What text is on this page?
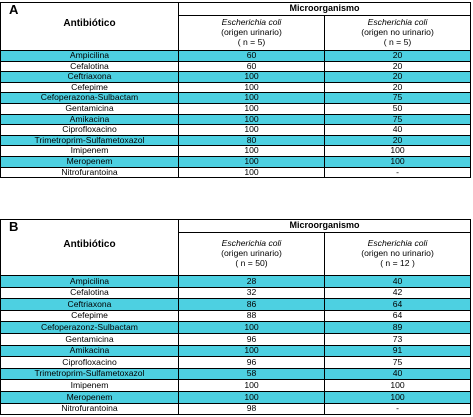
A
Antibiótico	Microorganismo	

	Escherichia coli
(origen urinario)
( n = 5)	Escherichia coli
(origen no urinario)
( n = 5)

Ampicilina	60	20
Cefalotina	60	20
Ceftriaxona	100	20
Cefepime	100	20
Cefoperazona-Sulbactam	100	75
Gentamicina	100	50
Amikacina	100	75
Ciprofloxacino	100	40
Trimetroprim-Sulfametoxazol	80	20
Imipenem	100	100
Meropenem	100	100
Nitrofurantoina	100	-
B
Antibiótico	Microorganismo	

	Escherichia coli
(origen urinario)
( n = 50)	Escherichia coli
(origen no urinario)
( n = 12 )

Ampicilina	28	40
Cefalotina	32	42
Ceftriaxona	86	64
Cefepime	88	64
Cefoperazonz-Sulbactam	100	89
Gentamicina	96	73
Amikacina	100	91
Ciprofloxacino	96	75
Trimetroprim-Sulfametoxazol	58	40
Imipenem	100	100
Meropenem	100	100
Nitrofurantoina	98	-
